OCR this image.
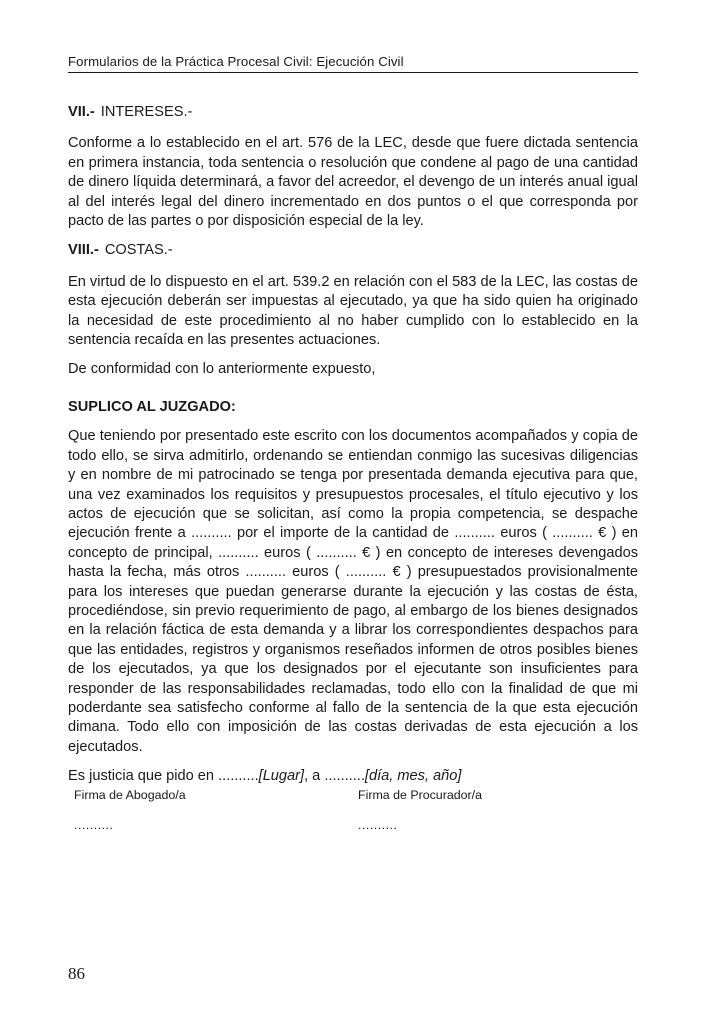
Formularios de la Práctica Procesal Civil: Ejecución Civil

VII.- INTERESES.-

Conforme a lo establecido en el art. 576 de la LEC, desde que fuere dictada sentencia en primera instancia, toda sentencia o resolución que condene al pago de una cantidad de dinero líquida determinará, a favor del acreedor, el devengo de un interés anual igual al del interés legal del dinero incrementado en dos puntos o el que corresponda por pacto de las partes o por disposición especial de la ley.

VIII.- COSTAS.-

En virtud de lo dispuesto en el art. 539.2 en relación con el 583 de la LEC, las costas de esta ejecución deberán ser impuestas al ejecutado, ya que ha sido quien ha originado la necesidad de este procedimiento al no haber cumplido con lo establecido en la sentencia recaída en las presentes actuaciones.

De conformidad con lo anteriormente expuesto,

SUPLICO AL JUZGADO:

Que teniendo por presentado este escrito con los documentos acompañados y copia de todo ello, se sirva admitirlo, ordenando se entiendan conmigo las sucesivas diligencias y en nombre de mi patrocinado se tenga por presentada demanda ejecutiva para que, una vez examinados los requisitos y presupuestos procesales, el título ejecutivo y los actos de ejecución que se solicitan, así como la propia competencia, se despache ejecución frente a .......... por el importe de la cantidad de .......... euros ( .......... € ) en concepto de principal, .......... euros ( .......... € ) en concepto de intereses devengados hasta la fecha, más otros .......... euros ( .......... € ) presupuestados provisionalmente para los intereses que puedan generarse durante la ejecución y las costas de ésta, procediéndose, sin previo requerimiento de pago, al embargo de los bienes designados en la relación fáctica de esta demanda y a librar los correspondientes despachos para que las entidades, registros y organismos reseñados informen de otros posibles bienes de los ejecutados, ya que los designados por el ejecutante son insuficientes para responder de las responsabilidades reclamadas, todo ello con la finalidad de que mi poderdante sea satisfecho conforme al fallo de la sentencia de la que esta ejecución dimana. Todo ello con imposición de las costas derivadas de esta ejecución a los ejecutados.

Es justicia que pido en ..........[Lugar], a ..........[día, mes, año]

Firma de Abogado/a
..........
Firma de Procurador/a
..........
86
